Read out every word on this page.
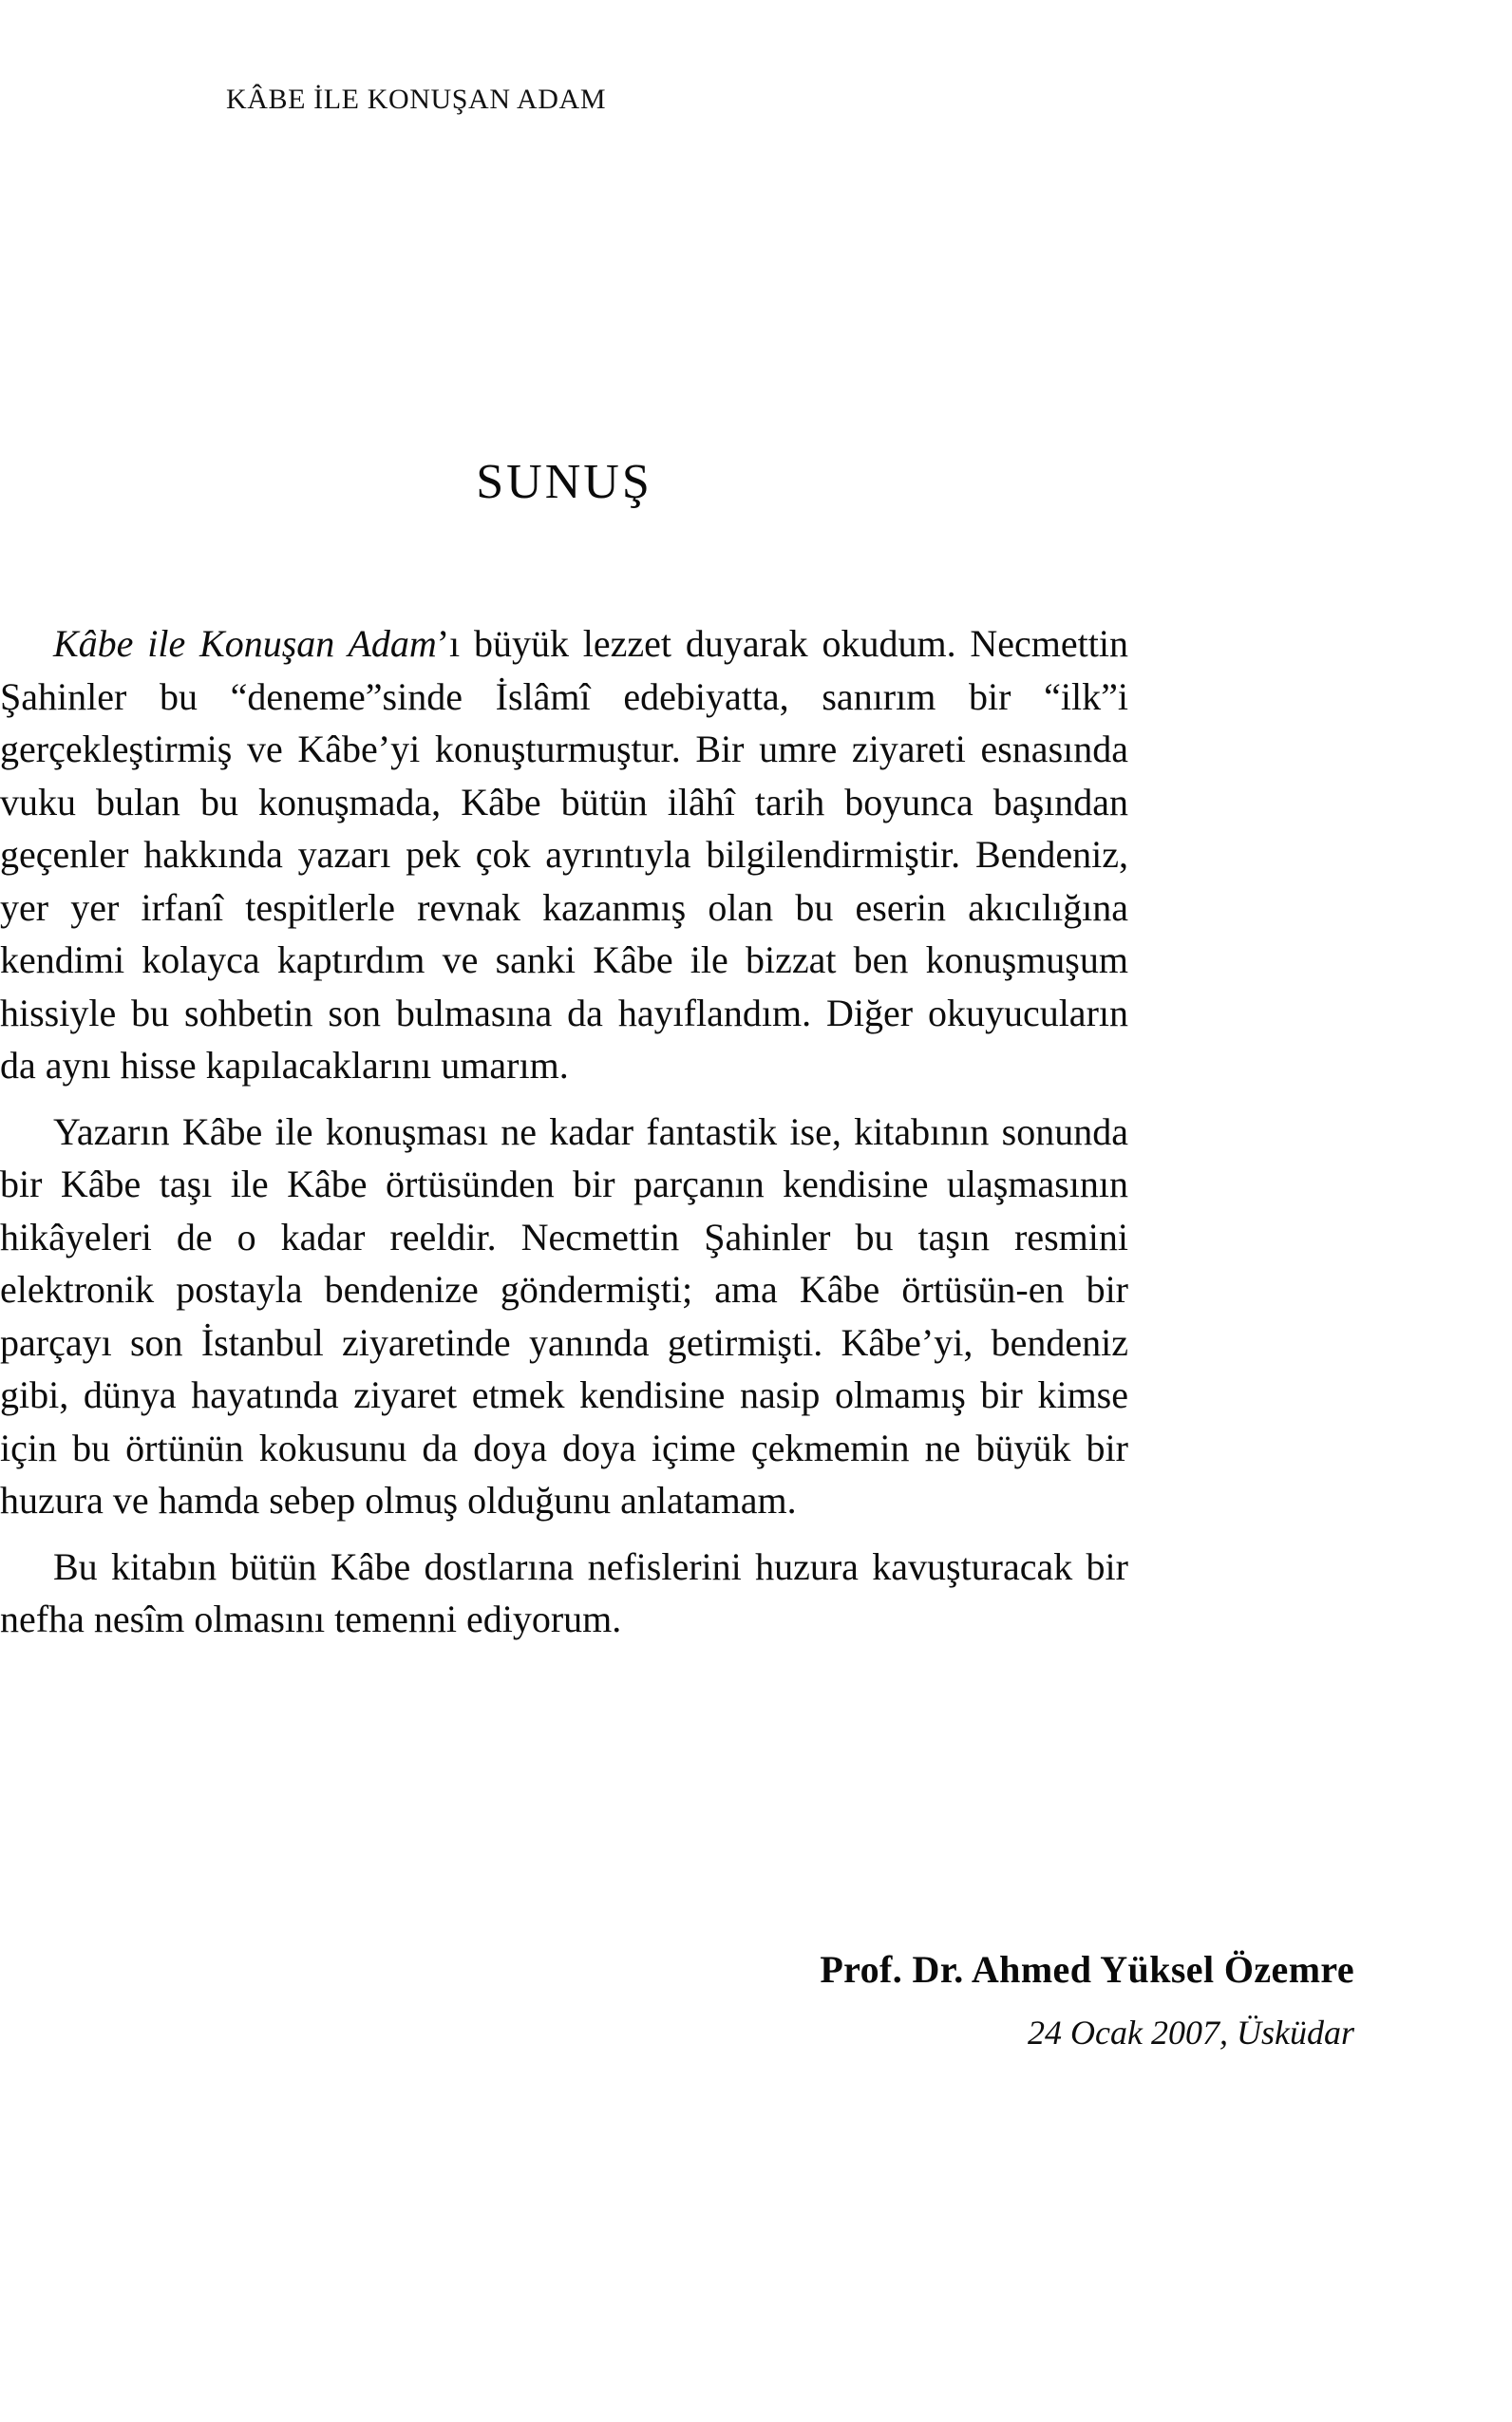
KÂBE İLE KONUŞAN ADAM
SUNUŞ

Kâbe ile Konuşan Adam’ı büyük lezzet duyarak okudum. Necmettin Şahinler bu “deneme”sinde İslâmî edebiyatta, sanırım bir “ilk”i gerçekleştirmiş ve Kâbe’yi konuşturmuştur. Bir umre ziyareti esnasında vuku bulan bu konuşmada, Kâbe bütün ilâhî tarih boyunca başından geçenler hakkında yazarı pek çok ayrıntıyla bilgilendirmiştir. Bendeniz, yer yer irfanî tespitlerle revnak kazanmış olan bu eserin akıcılığına kendimi kolayca kaptırdım ve sanki Kâbe ile bizzat ben konuşmuşum hissiyle bu sohbetin son bulmasına da hayıflandım. Diğer okuyucuların da aynı hisse kapılacaklarını umarım.

Yazarın Kâbe ile konuşması ne kadar fantastik ise, kitabının sonunda bir Kâbe taşı ile Kâbe örtüsünden bir parçanın kendisine ulaşmasının hikâyeleri de o kadar reeldir. Necmettin Şahinler bu taşın resmini elektronik postayla bendenize göndermişti; ama Kâbe örtüsün-en bir parçayı son İstanbul ziyaretinde yanında getirmişti. Kâbe’yi, bendeniz gibi, dünya hayatında ziyaret etmek kendisine nasip olmamış bir kimse için bu örtünün kokusunu da doya doya içime çekmemin ne büyük bir huzura ve hamda sebep olmuş olduğunu anlatamam.

Bu kitabın bütün Kâbe dostlarına nefislerini huzura kavuşturacak bir nefha nesîm olmasını temenni ediyorum.

Prof. Dr. Ahmed Yüksel Özemre
24 Ocak 2007, Üsküdar
